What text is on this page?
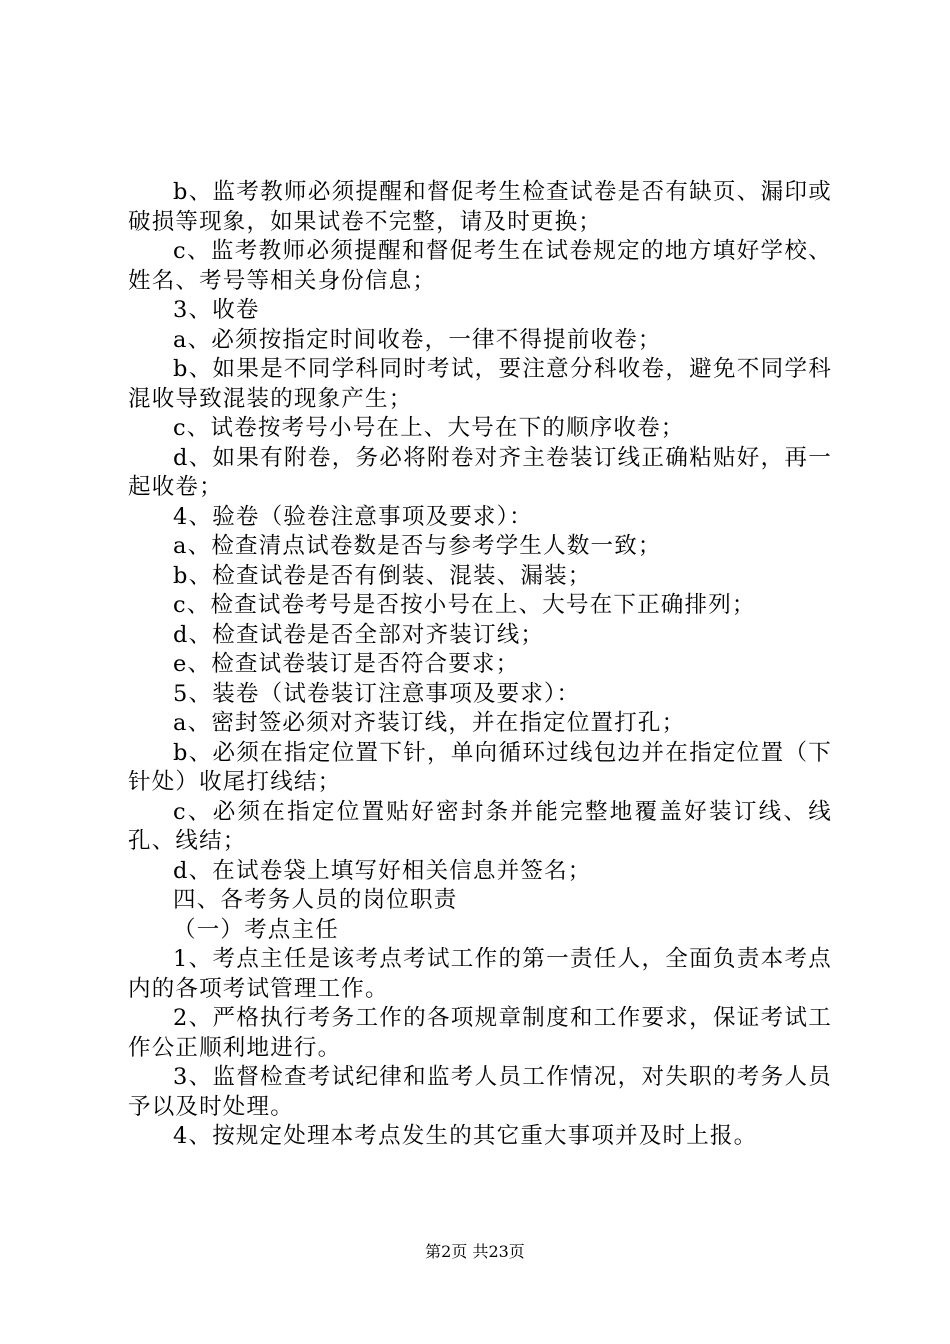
b、监考教师必须提醒和督促考生检查试卷是否有缺页、漏印或破损等现象，如果试卷不完整，请及时更换；

c、监考教师必须提醒和督促考生在试卷规定的地方填好学校、姓名、考号等相关身份信息；

3、收卷

a、必须按指定时间收卷，一律不得提前收卷；

b、如果是不同学科同时考试，要注意分科收卷，避免不同学科混收导致混装的现象产生；

c、试卷按考号小号在上、大号在下的顺序收卷；

d、如果有附卷，务必将附卷对齐主卷装订线正确粘贴好，再一起收卷；

4、验卷（验卷注意事项及要求）：

a、检查清点试卷数是否与参考学生人数一致；

b、检查试卷是否有倒装、混装、漏装；

c、检查试卷考号是否按小号在上、大号在下正确排列；

d、检查试卷是否全部对齐装订线；

e、检查试卷装订是否符合要求；

5、装卷（试卷装订注意事项及要求）：

a、密封签必须对齐装订线，并在指定位置打孔；

b、必须在指定位置下针，单向循环过线包边并在指定位置（下针处）收尾打线结；

c、必须在指定位置贴好密封条并能完整地覆盖好装订线、线孔、线结；

d、在试卷袋上填写好相关信息并签名；

四、各考务人员的岗位职责

（一）考点主任

1、考点主任是该考点考试工作的第一责任人，全面负责本考点内的各项考试管理工作。

2、严格执行考务工作的各项规章制度和工作要求，保证考试工作公正顺利地进行。

3、监督检查考试纪律和监考人员工作情况，对失职的考务人员予以及时处理。

4、按规定处理本考点发生的其它重大事项并及时上报。

第2页 共23页
